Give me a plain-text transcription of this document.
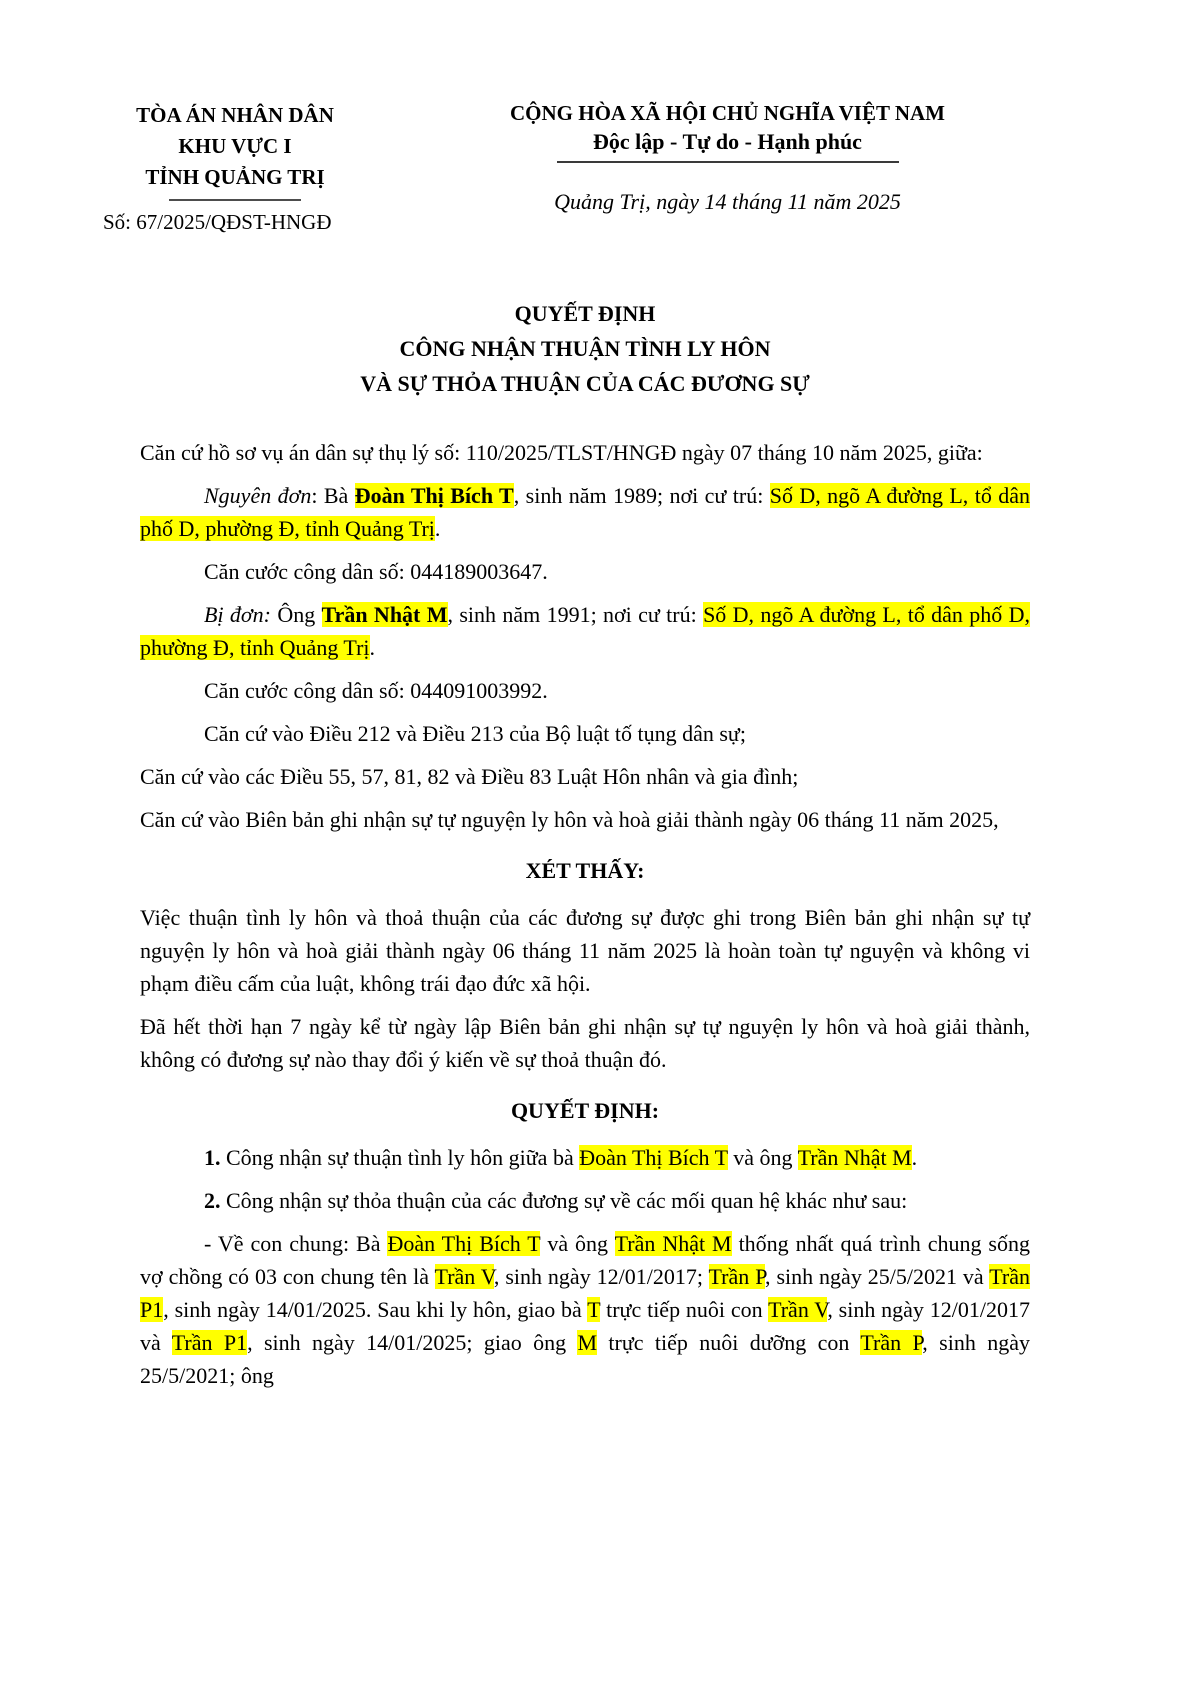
TÒA ÁN NHÂN DÂN
KHU VỰC I
TỈNH QUẢNG TRỊ
Số: 67/2025/QĐST-HNGĐ
CỘNG HÒA XÃ HỘI CHỦ NGHĨA VIỆT NAM
Độc lập - Tự do - Hạnh phúc
Quảng Trị, ngày 14 tháng 11 năm 2025
QUYẾT ĐỊNH
CÔNG NHẬN THUẬN TÌNH LY HÔN
VÀ SỰ THỎA THUẬN CỦA CÁC ĐƯƠNG SỰ

Căn cứ hồ sơ vụ án dân sự thụ lý số: 110/2025/TLST/HNGĐ ngày 07 tháng 10 năm 2025, giữa:

Nguyên đơn: Bà Đoàn Thị Bích T, sinh năm 1989; nơi cư trú: Số D, ngõ A đường L, tổ dân phố D, phường Đ, tỉnh Quảng Trị.

Căn cước công dân số: 044189003647.

Bị đơn: Ông Trần Nhật M, sinh năm 1991; nơi cư trú: Số D, ngõ A đường L, tổ dân phố D, phường Đ, tỉnh Quảng Trị.

Căn cước công dân số: 044091003992.

Căn cứ vào Điều 212 và Điều 213 của Bộ luật tố tụng dân sự;

Căn cứ vào các Điều 55, 57, 81, 82 và Điều 83 Luật Hôn nhân và gia đình;

Căn cứ vào Biên bản ghi nhận sự tự nguyện ly hôn và hoà giải thành ngày 06 tháng 11 năm 2025,

XÉT THẤY:

Việc thuận tình ly hôn và thoả thuận của các đương sự được ghi trong Biên bản ghi nhận sự tự nguyện ly hôn và hoà giải thành ngày 06 tháng 11 năm 2025 là hoàn toàn tự nguyện và không vi phạm điều cấm của luật, không trái đạo đức xã hội.

Đã hết thời hạn 7 ngày kể từ ngày lập Biên bản ghi nhận sự tự nguyện ly hôn và hoà giải thành, không có đương sự nào thay đổi ý kiến về sự thoả thuận đó.

QUYẾT ĐỊNH:

1. Công nhận sự thuận tình ly hôn giữa bà Đoàn Thị Bích T và ông Trần Nhật M.

2. Công nhận sự thỏa thuận của các đương sự về các mối quan hệ khác như sau:

- Về con chung: Bà Đoàn Thị Bích T và ông Trần Nhật M thống nhất quá trình chung sống vợ chồng có 03 con chung tên là Trần V, sinh ngày 12/01/2017; Trần P, sinh ngày 25/5/2021 và Trần P1, sinh ngày 14/01/2025. Sau khi ly hôn, giao bà T trực tiếp nuôi con Trần V, sinh ngày 12/01/2017 và Trần P1, sinh ngày 14/01/2025; giao ông M trực tiếp nuôi dưỡng con Trần P, sinh ngày 25/5/2021; ông
